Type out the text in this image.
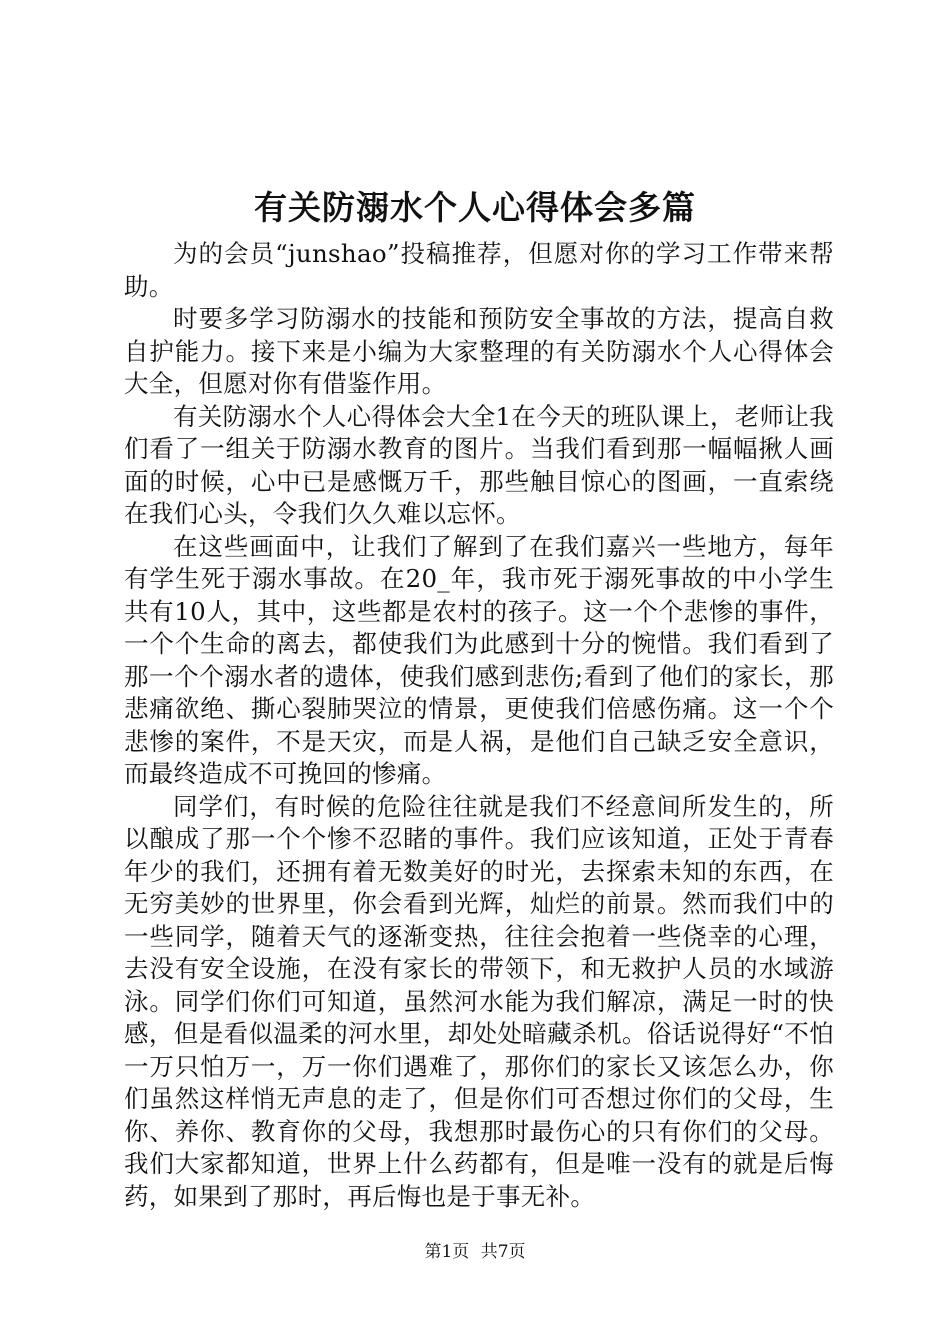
有关防溺水个人心得体会多篇

为的会员“junshao”投稿推荐，但愿对你的学习工作带来帮助。

时要多学习防溺水的技能和预防安全事故的方法，提高自救自护能力。接下来是小编为大家整理的有关防溺水个人心得体会大全，但愿对你有借鉴作用。

有关防溺水个人心得体会大全1在今天的班队课上，老师让我们看了一组关于防溺水教育的图片。当我们看到那一幅幅揪人画面的时候，心中已是感慨万千，那些触目惊心的图画，一直索绕在我们心头，令我们久久难以忘怀。

在这些画面中，让我们了解到了在我们嘉兴一些地方，每年有学生死于溺水事故。在20_年，我市死于溺死事故的中小学生共有10人，其中，这些都是农村的孩子。这一个个悲惨的事件，一个个生命的离去，都使我们为此感到十分的惋惜。我们看到了那一个个溺水者的遗体，使我们感到悲伤;看到了他们的家长，那悲痛欲绝、撕心裂肺哭泣的情景，更使我们倍感伤痛。这一个个悲惨的案件，不是天灾，而是人祸，是他们自己缺乏安全意识，而最终造成不可挽回的惨痛。

同学们，有时候的危险往往就是我们不经意间所发生的，所以酿成了那一个个惨不忍睹的事件。我们应该知道，正处于青春年少的我们，还拥有着无数美好的时光，去探索未知的东西，在无穷美妙的世界里，你会看到光辉，灿烂的前景。然而我们中的一些同学，随着天气的逐渐变热，往往会抱着一些侥幸的心理，去没有安全设施，在没有家长的带领下，和无救护人员的水域游泳。同学们你们可知道，虽然河水能为我们解凉，满足一时的快感，但是看似温柔的河水里，却处处暗藏杀机。俗话说得好“不怕一万只怕万一，万一你们遇难了，那你们的家长又该怎么办，你们虽然这样悄无声息的走了，但是你们可否想过你们的父母，生你、养你、教育你的父母，我想那时最伤心的只有你们的父母。我们大家都知道，世界上什么药都有，但是唯一没有的就是后悔药，如果到了那时，再后悔也是于事无补。

第1页 共7页
